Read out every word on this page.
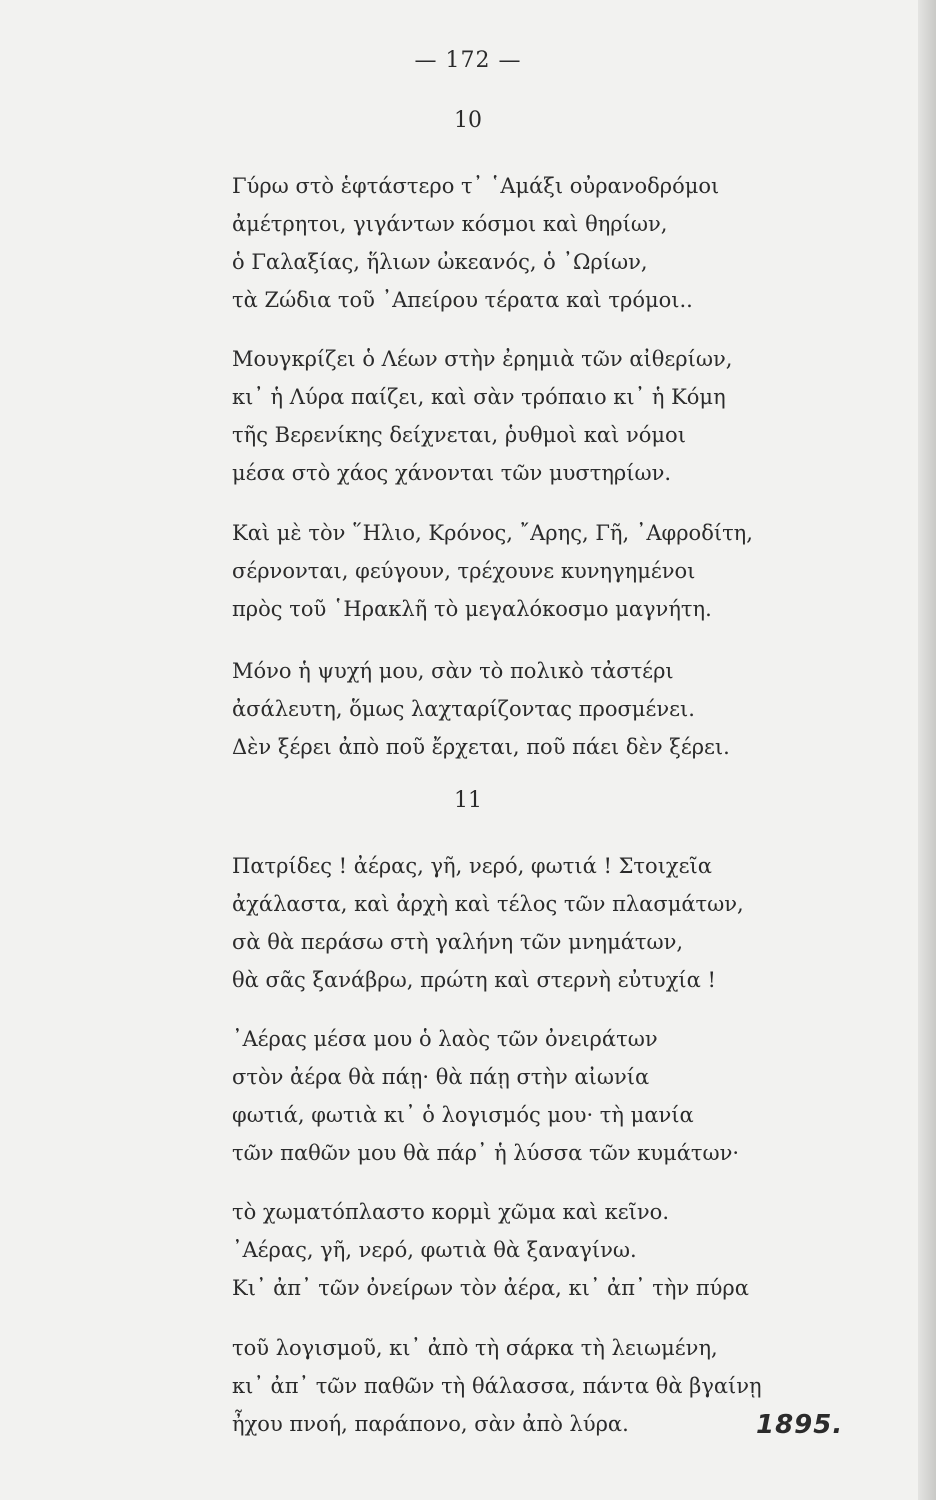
— 172 —
10
Γύρω στὸ ἑφτάστερο τ᾽ ῾Αμάξι οὐρανοδρόμοι
ἀμέτρητοι, γιγάντων κόσμοι καὶ θηρίων,
ὁ Γαλαξίας, ἥλιων ὠκεανός, ὁ ᾽Ωρίων,
τὰ Ζώδια τοῦ ᾽Απείρου τέρατα καὶ τρόμοι..
Μουγκρίζει ὁ Λέων στὴν ἐρημιὰ τῶν αἰθερίων,
κι᾽ ἡ Λύρα παίζει, καὶ σὰν τρόπαιο κι᾽ ἡ Κόμη
τῆς Βερενίκης δείχνεται, ῥυθμοὶ καὶ νόμοι
μέσα στὸ χάος χάνονται τῶν μυστηρίων.
Καὶ μὲ τὸν ῞Ηλιο, Κρόνος, ῎Αρης, Γῆ, ᾽Αφροδίτη,
σέρνονται, φεύγουν, τρέχουνε κυνηγημένοι
πρὸς τοῦ ῾Ηρακλῆ τὸ μεγαλόκοσμο μαγνήτη.
Μόνο ἡ ψυχή μου, σὰν τὸ πολικὸ τἀστέρι
ἀσάλευτη, ὅμως λαχταρίζοντας προσμένει.
Δὲν ξέρει ἀπὸ ποῦ ἔρχεται, ποῦ πάει δὲν ξέρει.
11
Πατρίδες ! ἀέρας, γῆ, νερό, φωτιά ! Στοιχεῖα
ἀχάλαστα, καὶ ἀρχὴ καὶ τέλος τῶν πλασμάτων,
σὰ θὰ περάσω στὴ γαλήνη τῶν μνημάτων,
θὰ σᾶς ξανάβρω, πρώτη καὶ στερνὴ εὐτυχία !
᾽Αέρας μέσα μου ὁ λαὸς τῶν ὀνειράτων
στὸν ἀέρα θὰ πάῃ· θὰ πάῃ στὴν αἰωνία
φωτιά, φωτιὰ κι᾽ ὁ λογισμός μου· τὴ μανία
τῶν παθῶν μου θὰ πάρ᾽ ἡ λύσσα τῶν κυμάτων·
τὸ χωματόπλαστο κορμὶ χῶμα καὶ κεῖνο.
᾽Αέρας, γῆ, νερό, φωτιὰ θὰ ξαναγίνω.
Κι᾽ ἀπ᾽ τῶν ὀνείρων τὸν ἀέρα, κι᾽ ἀπ᾽ τὴν πύρα
τοῦ λογισμοῦ, κι᾽ ἀπὸ τὴ σάρκα τὴ λειωμένη,
κι᾽ ἀπ᾽ τῶν παθῶν τὴ θάλασσα, πάντα θὰ βγαίνῃ
ἦχου πνοή, παράπονο, σὰν ἀπὸ λύρα.	1895.
